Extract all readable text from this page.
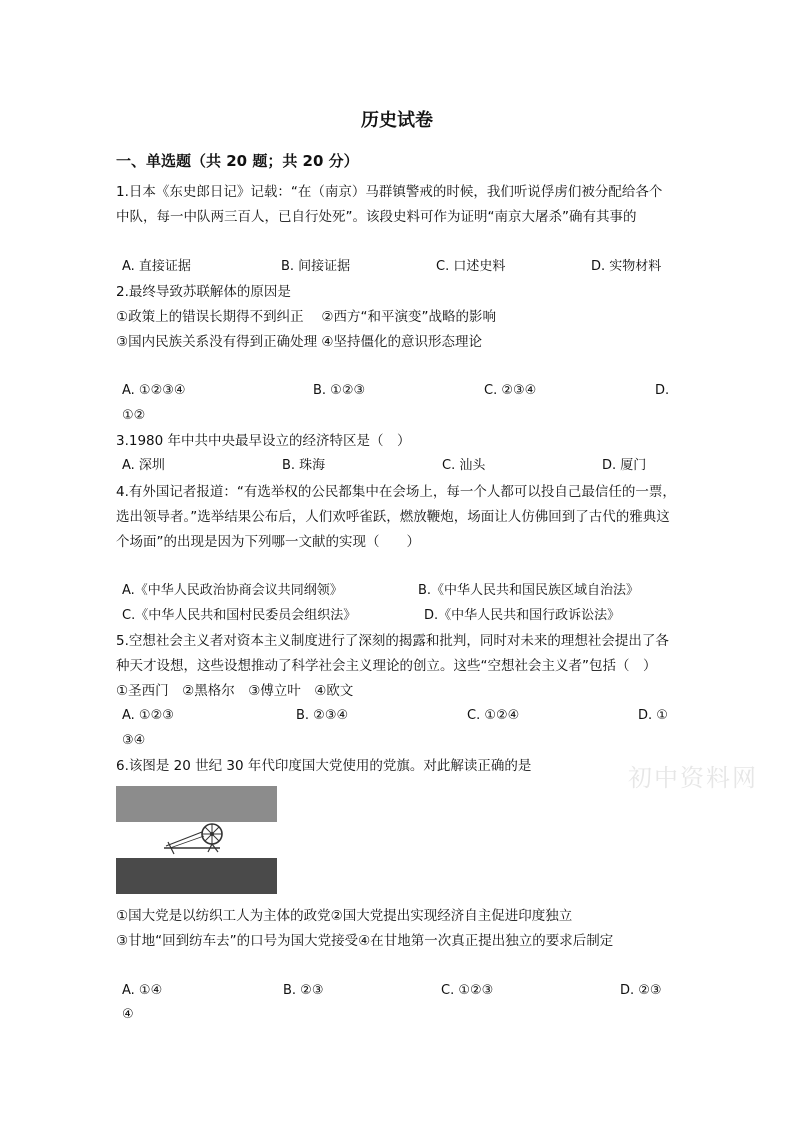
历史试卷
一、单选题（共 20 题；共 20 分）
1.日本《东史郎日记》记载：“在（南京）马群镇警戒的时候，我们听说俘虏们被分配给各个
中队，每一中队两三百人，已自行处死”。该段史料可作为证明“南京大屠杀”确有其事的
A. 直接证据	B. 间接证据	C. 口述史料	D. 实物材料
2.最终导致苏联解体的原因是
①政策上的错误长期得不到纠正 　②西方“和平演变”战略的影响
③国内民族关系没有得到正确处理 ④坚持僵化的意识形态理论
A. ①②③④	B. ①②③	C. ②③④	D.
①②
3.1980 年中共中央最早设立的经济特区是（　）
A. 深圳	B. 珠海	C. 汕头	D. 厦门
4.有外国记者报道：“有选举权的公民都集中在会场上，每一个人都可以投自己最信任的一票，
选出领导者。”选举结果公布后，人们欢呼雀跃，燃放鞭炮，场面让人仿佛回到了古代的雅典这
个场面”的出现是因为下列哪一文献的实现（　　）
A.《中华人民政治协商会议共同纲领》	B.《中华人民共和国民族区域自治法》
C.《中华人民共和国村民委员会组织法》	D.《中华人民共和国行政诉讼法》
5.空想社会主义者对资本主义制度进行了深刻的揭露和批判，同时对未来的理想社会提出了各
种天才设想，这些设想推动了科学社会主义理论的创立。这些“空想社会主义者”包括（　）
①圣西门　②黑格尔　③傅立叶　④欧文
A. ①②③	B. ②③④	C. ①②④	D. ①
③④
6.该图是 20 世纪 30 年代印度国大党使用的党旗。对此解读正确的是
①国大党是以纺织工人为主体的政党②国大党提出实现经济自主促进印度独立
③甘地“回到纺车去”的口号为国大党接受④在甘地第一次真正提出独立的要求后制定
A. ①④	B. ②③	C. ①②③	D. ②③
④
初中资料网
